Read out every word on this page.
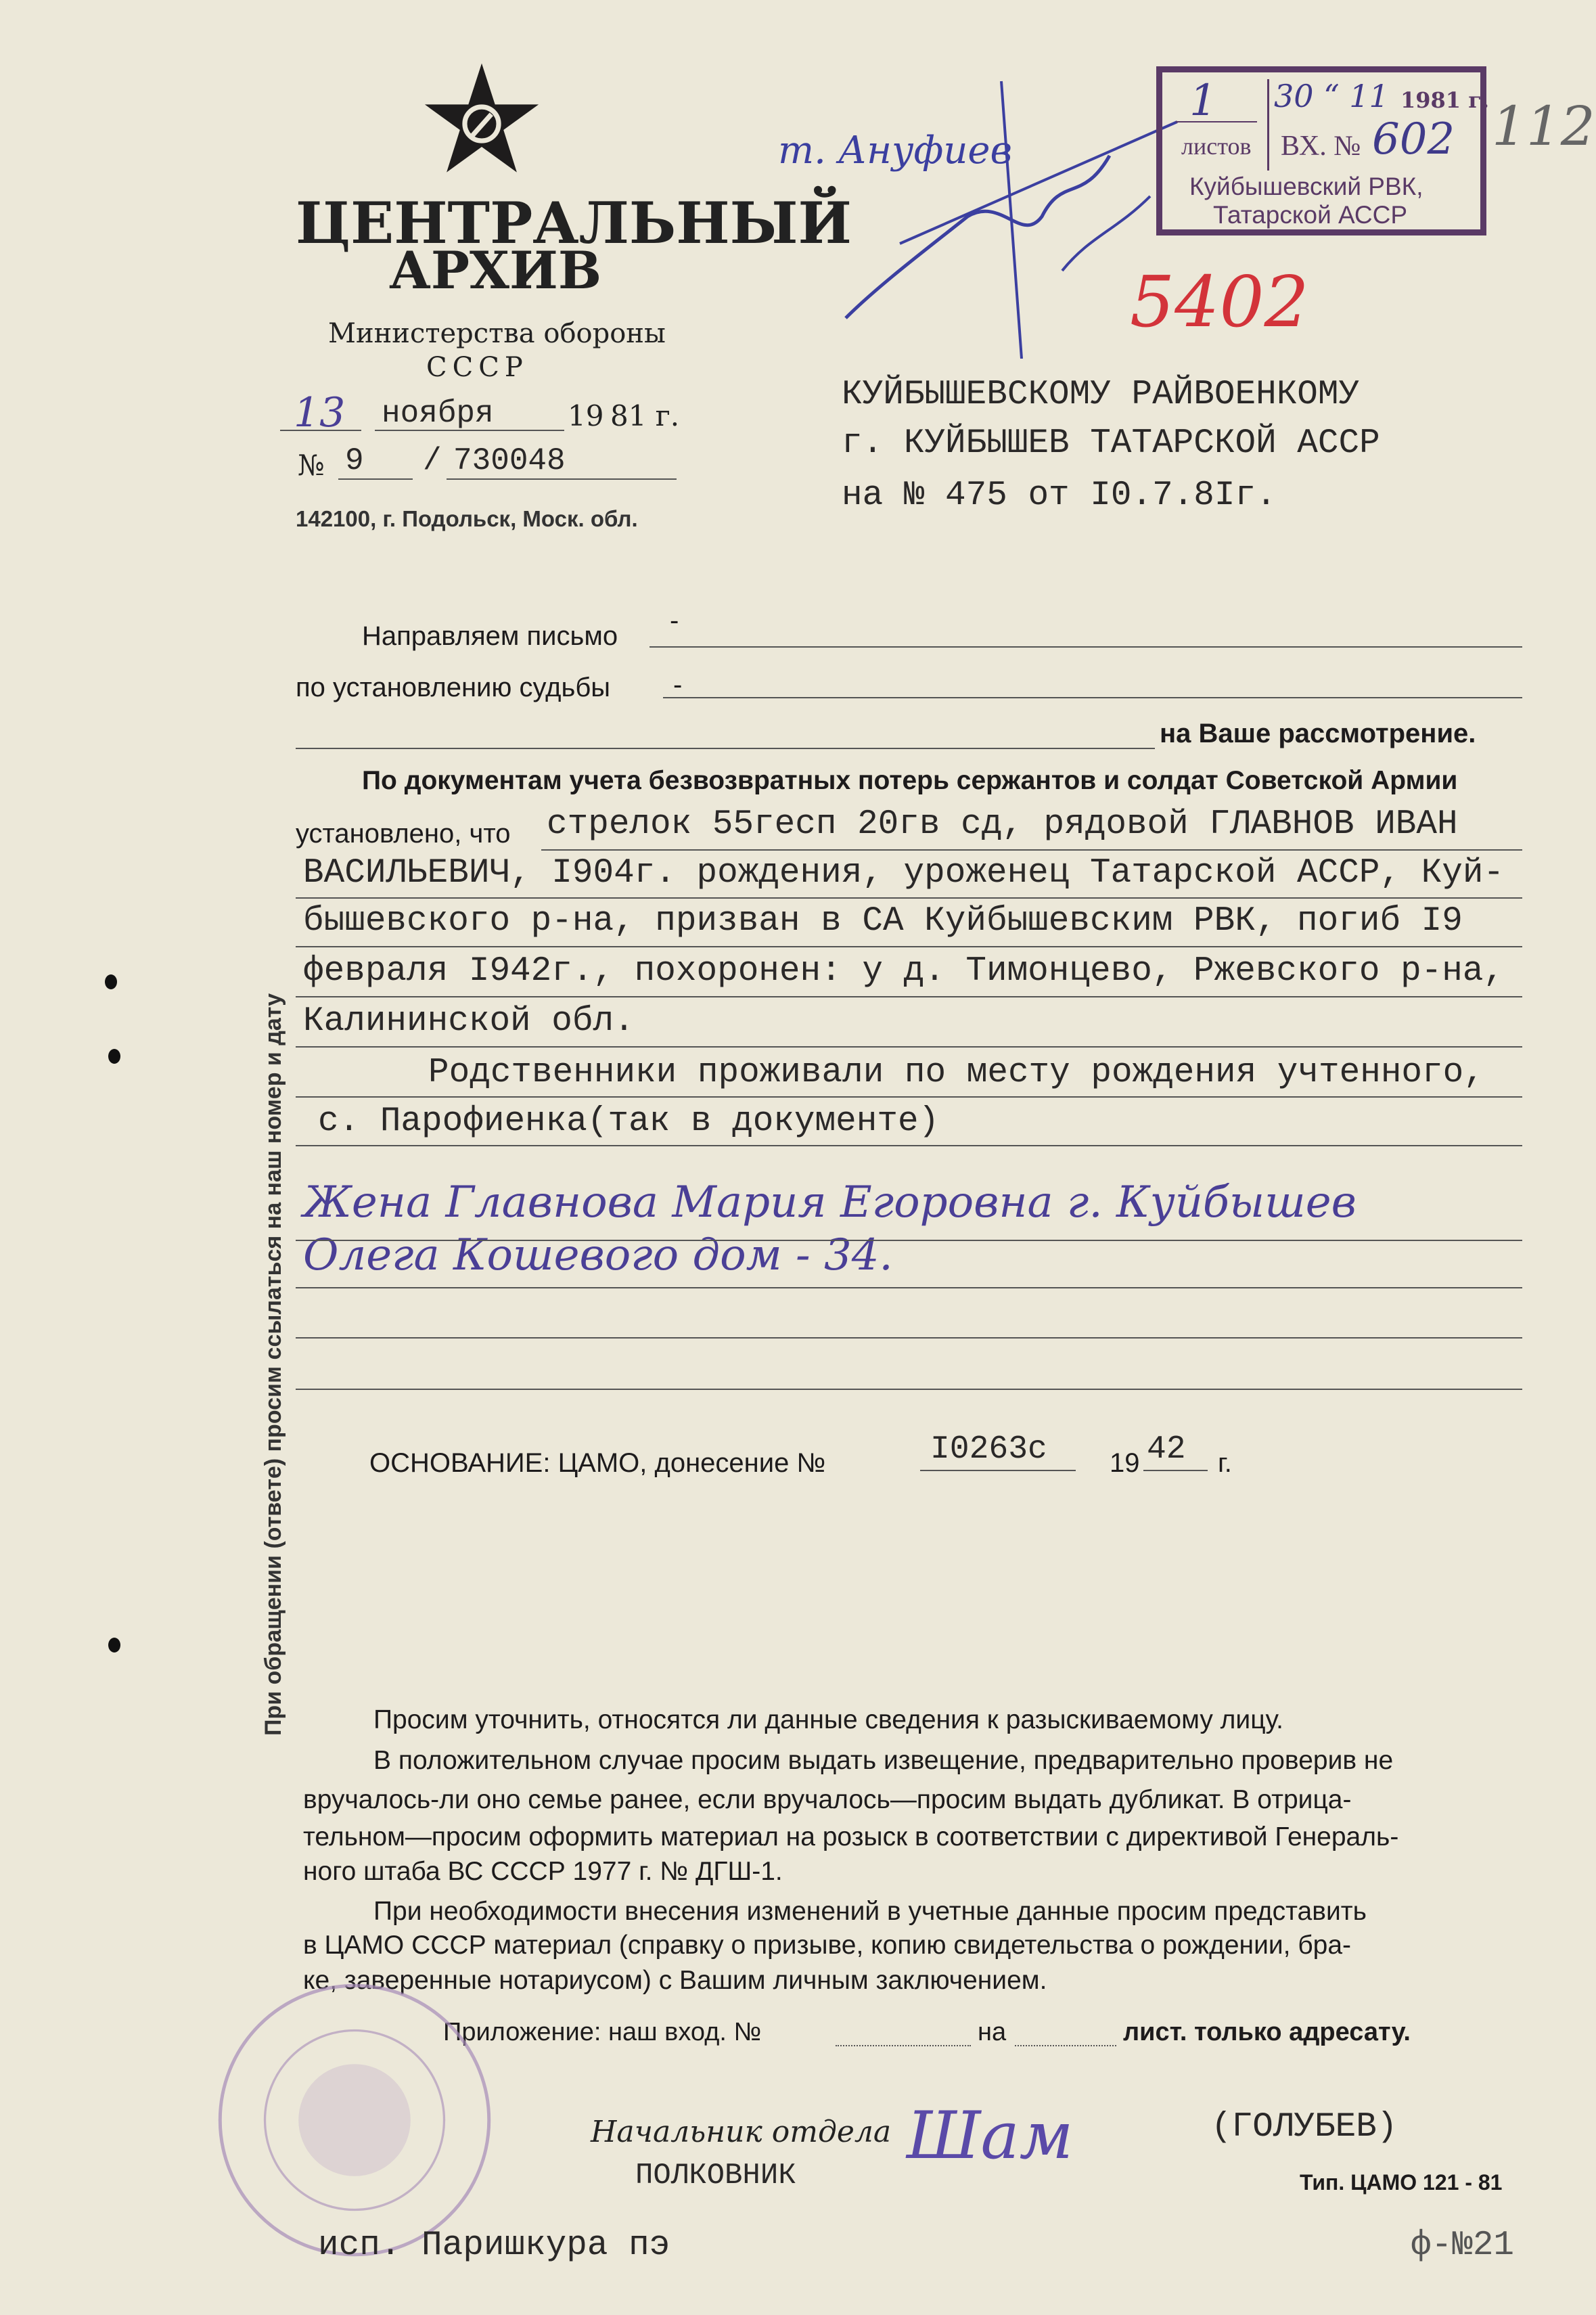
ЦЕНТРАЛЬНЫЙ
АРХИВ
Министерства обороны
СССР
13 ноября	19 81 г.
№ 9 / 730048
142100, г. Подольск, Моск. обл.
т. Ануфиев
1
листов
30 “ 11 1981 г.
ВХ. № 602
Куйбышевский РВК,
Татарской АССР
112
5402
КУЙБЫШЕВСКОМУ РАЙВОЕНКОМУ
г. КУЙБЫШЕВ ТАТАРСКОЙ АССР
на № 475 от I0.7.8Iг.
При обращении (ответе) просим ссылаться на наш номер и дату
Направляем письмо
-
по установлению судьбы -
на Ваше рассмотрение.
По документам учета безвозвратных потерь сержантов и солдат Советской Армии
установлено, что стрелок 55гесп 20гв сд, рядовой ГЛАВНОВ ИВАН
ВАСИЛЬЕВИЧ, I904г. рождения, уроженец Татарской АССР, Куй-
бышевского р-на, призван в СА Куйбышевским РВК, погиб I9
февраля I942г., похоронен: у д. Тимонцево, Ржевского р-на,
Калининской обл.
Родственники проживали по месту рождения учтенного,
с. Парофиенка(так в документе)
Жена Главнова Мария Егоровна г. Куйбышев
Олега Кошевого дом - 34.
ОСНОВАНИЕ: ЦАМО, донесение №	I0263с 19 42 г.
Просим уточнить, относятся ли данные сведения к разыскиваемому лицу.
В положительном случае просим выдать извещение, предварительно проверив не
вручалось-ли оно семье ранее, если вручалось—просим выдать дубликат. В отрица-
тельном—просим оформить материал на розыск в соответствии с директивой Генераль-
ного штаба ВС СССР 1977 г. № ДГШ-1.
При необходимости внесения изменений в учетные данные просим представить
в ЦАМО СССР материал (справку о призыве, копию свидетельства о рождении, бра-
ке, заверенные нотариусом) с Вашим личным заключением.
Приложение: наш вход. №	на	лист. только адресату.
Начальник отдела
ПОЛКОВНИК
Шам	(ГОЛУБЕВ)
Тип. ЦАМО 121 - 81
исп. Паришкура пэ	ф-№21
